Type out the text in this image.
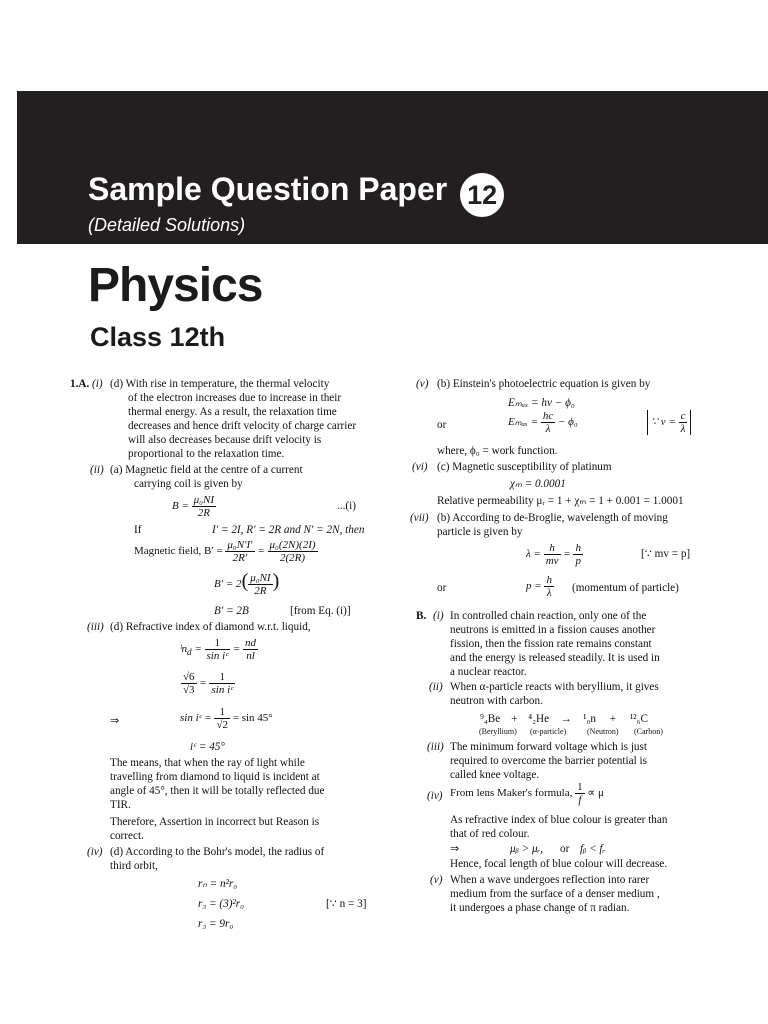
Sample Question Paper 12
(Detailed Solutions)
Physics
Class 12th
1.A. (i) (d) With rise in temperature, the thermal velocity
of the electron increases due to increase in their
thermal energy. As a result, the relaxation time
decreases and hence drift velocity of charge carrier
will also decreases because drift velocity is
proportional to the relaxation time.
(ii) (a) Magnetic field at the centre of a current
carrying coil is given by
$B = \frac{\text{μ₀NI}}{2R}$	...(i)
If	I′ = 2I, R′ = 2R and N′ = 2N, then
Magnetic field, $B' = \frac{\text{μ₀N′I′}}{2R'} = \frac{\text{μ₀(2N)(2I)}}{2(2R)}$
$B' = 2( \frac{\text{μ₀NI}}{2R}$ )
B′ = 2B	[from Eq. (i)]
(iii) (d) Refractive index of diamond w.r.t. liquid,
ˡn$_d$ = $\frac{1}{\text{sin iᶜ}} = \frac{nd}{nl}$
$\frac{√6}{√3} = \frac{1}{\text{sin iᶜ}}$
⇒	sin iᶜ = $\frac{1}{√2} = \sin 45^\circ$
iᶜ = 45°
The means, that when the ray of light while
travelling from diamond to liquid is incident at
angle of 45°, then it will be totally reflected due
TIR.
Therefore, Assertion in incorrect but Reason is
correct.
(iv) (d) According to the Bohr's model, the radius of
third orbit,
rₙ = n²r₀
r₃ = (3)²r₀	[∵ n = 3]
r₃ = 9r₀
(v) (b) Einstein's photoelectric equation is given by
Eₘₐₓ = hν − ϕ₀
or	$E_{max} = \frac{hc}{\lambda} - \phi_0$	∵ $\nu = \frac{c}{\lambda}$
where, ϕ₀ = work function.
(vi) (c) Magnetic susceptibility of platinum
χₘ = 0.0001
Relative permeability μᵣ = 1 + χₘ = 1 + 0.001 = 1.0001
(vii) (b) According to de-Broglie, wavelength of moving
particle is given by
$\lambda = \frac{h}{mv} = \frac{h}{p}$	[∵ mv = p]
or	$p = \frac{h}{\lambda}$ (momentum of particle)
B. (i) In controlled chain reaction, only one of the
neutrons is emitted in a fission causes another
fission, then the fission rate remains constant
and the energy is released steadily. It is used in
a nuclear reactor.
(ii) When α-particle reacts with beryllium, it gives
neutron with carbon.
⁹₄Be + ⁴₂He → ¹₀n + ¹²₆C
(Beryllium) (α-particle)	(Neutron) (Carbon)
(iii) The minimum forward voltage which is just
required to overcome the barrier potential is
called knee voltage.
(iv) From lens Maker's formula, $\frac{1}{f} \propto \mu$
As refractive index of blue colour is greater than
that of red colour.
⇒	μᵦ > μᵣ, or fᵦ < fᵣ
Hence, focal length of blue colour will decrease.
(v) When a wave undergoes reflection into rarer
medium from the surface of a denser medium ,
it undergoes a phase change of π radian.
